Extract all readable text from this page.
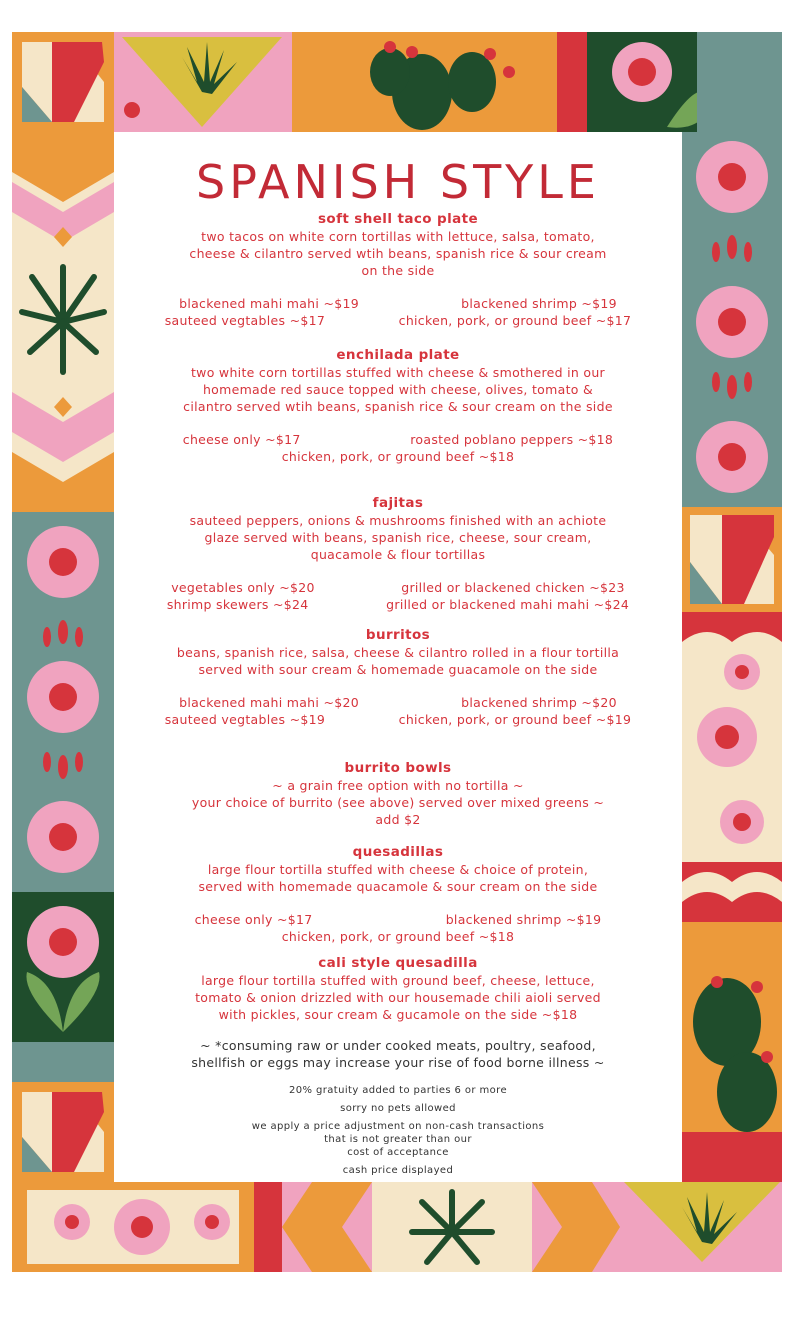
SPANISH STYLE

soft shell taco plate

two tacos on white corn tortillas with lettuce, salsa, tomato,
cheese & cilantro served wtih beans, spanish rice & sour cream
on the side

blackened mahi mahi ~$19	blackened shrimp ~$19
sauteed vegtables ~$17	chicken, pork, or ground beef ~$17

enchilada plate

two white corn tortillas stuffed with cheese & smothered in our
homemade red sauce topped with cheese, olives, tomato &
cilantro served wtih beans, spanish rice & sour cream on the side

cheese only ~$17	roasted poblano peppers ~$18
chicken, pork, or ground beef ~$18

fajitas

sauteed peppers, onions & mushrooms finished with an achiote
glaze served with beans, spanish rice, cheese, sour cream,
quacamole & flour tortillas

vegetables only ~$20	grilled or blackened chicken ~$23
shrimp skewers ~$24	grilled or blackened mahi mahi ~$24

burritos

beans, spanish rice, salsa, cheese & cilantro rolled in a flour tortilla
served with sour cream & homemade guacamole on the side

blackened mahi mahi ~$20	blackened shrimp ~$20
sauteed vegtables ~$19	chicken, pork, or ground beef ~$19

burrito bowls

~ a grain free option with no tortilla ~
your choice of burrito (see above) served over mixed greens ~
add $2

quesadillas

large flour tortilla stuffed with cheese & choice of protein,
served with homemade quacamole & sour cream on the side

cheese only ~$17	blackened shrimp ~$19
chicken, pork, or ground beef ~$18

cali style quesadilla

large flour tortilla stuffed with ground beef, cheese, lettuce,
tomato & onion drizzled with our housemade chili aioli served
with pickles, sour cream & gucamole on the side ~$18

~ *consuming raw or under cooked meats, poultry, seafood,
shellfish or eggs may increase your rise of food borne illness ~

20% gratuity added to parties 6 or more

sorry no pets allowed

we apply a price adjustment on non-cash transactions
that is not greater than our
cost of acceptance

cash price displayed
